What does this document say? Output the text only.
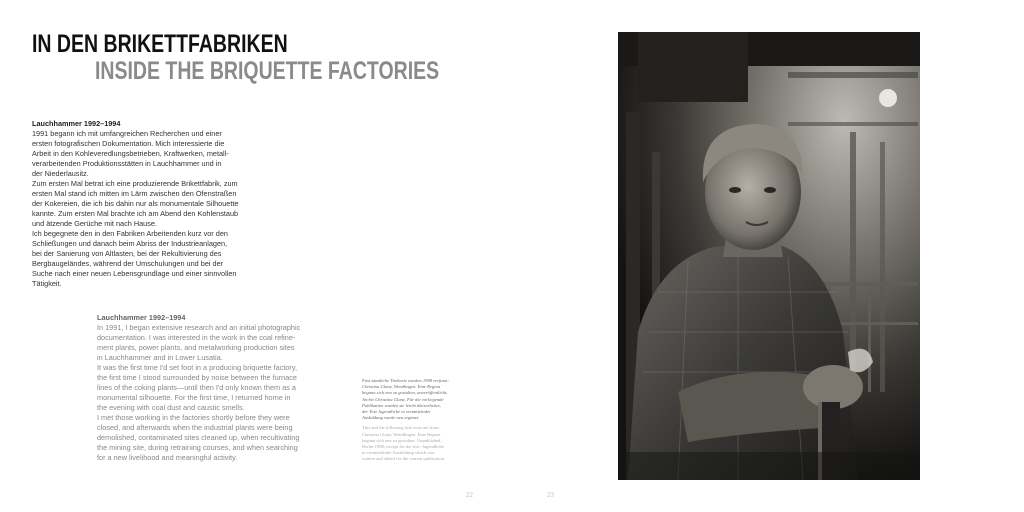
IN DEN BRIKETTFABRIKEN
INSIDE THE BRIQUETTE FACTORIES

Lauchhammer 1992–1994

1991 begann ich mit umfangreichen Recherchen und einer

ersten fotografischen Dokumentation. Mich interessierte die

Arbeit in den Kohleveredlungsbetrieben, Kraftwerken, metall-

verarbeitenden Produktionsstätten in Lauchhammer und in

der Niederlausitz.

Zum ersten Mal betrat ich eine produzierende Brikettfabrik, zum

ersten Mal stand ich mitten im Lärm zwischen den Ofenstraßen

der Kokereien, die ich bis dahin nur als monumentale Silhouette

kannte. Zum ersten Mal brachte ich am Abend den Kohlenstaub

und ätzende Gerüche mit nach Hause.

Ich begegnete den in den Fabriken Arbeitenden kurz vor den

Schließungen und danach beim Abriss der Industrieanlagen,

bei der Sanierung von Altlasten, bei der Rekultivierung des

Bergbaugeländes, während der Umschulungen und bei der

Suche nach einer neuen Lebensgrundlage und einer sinnvollen

Tätigkeit.

Lauchhammer 1992–1994

In 1991, I began extensive research and an initial photographic

documentation. I was interested in the work in the coal refine-

ment plants, power plants, and metalworking production sites

in Lauchhammer and in Lower Lusatia.

It was the first time I'd set foot in a producing briquette factory,

the first time I stood surrounded by noise between the furnace

lines of the coking plants—until then I'd only known them as a

monumental silhouette. For the first time, I returned home in

the evening with coal dust and caustic smells.

I met those working in the factories shortly before they were

closed, and afterwards when the industrial plants were being

demolished, contaminated sites cleaned up, when recultivating

the mining site, during retraining courses, and when searching

for a new livelihood and meaningful activity.

Fast sämtliche Titeltexte wurden 1998 verfasst:

Christina Glanz, Wendlingen. Eine Region

begann sich neu zu gestalten, unveröffentlicht,

Archiv Christina Glanz. Für die vorliegende

Publikation wurden sie leicht überarbeitet,

der Text Jugendliche in vermittelnder

Ausbildung wurde neu ergänzt.

This and the following title texts are from

Christina Glanz, Wendlingen. Eine Region

begann sich neu zu gestalten. Unpublished,

Berlin 1998; except for the text: Jugendliche

in vermittelnder Ausbildung which was

written and added for the current publication.

22	23
